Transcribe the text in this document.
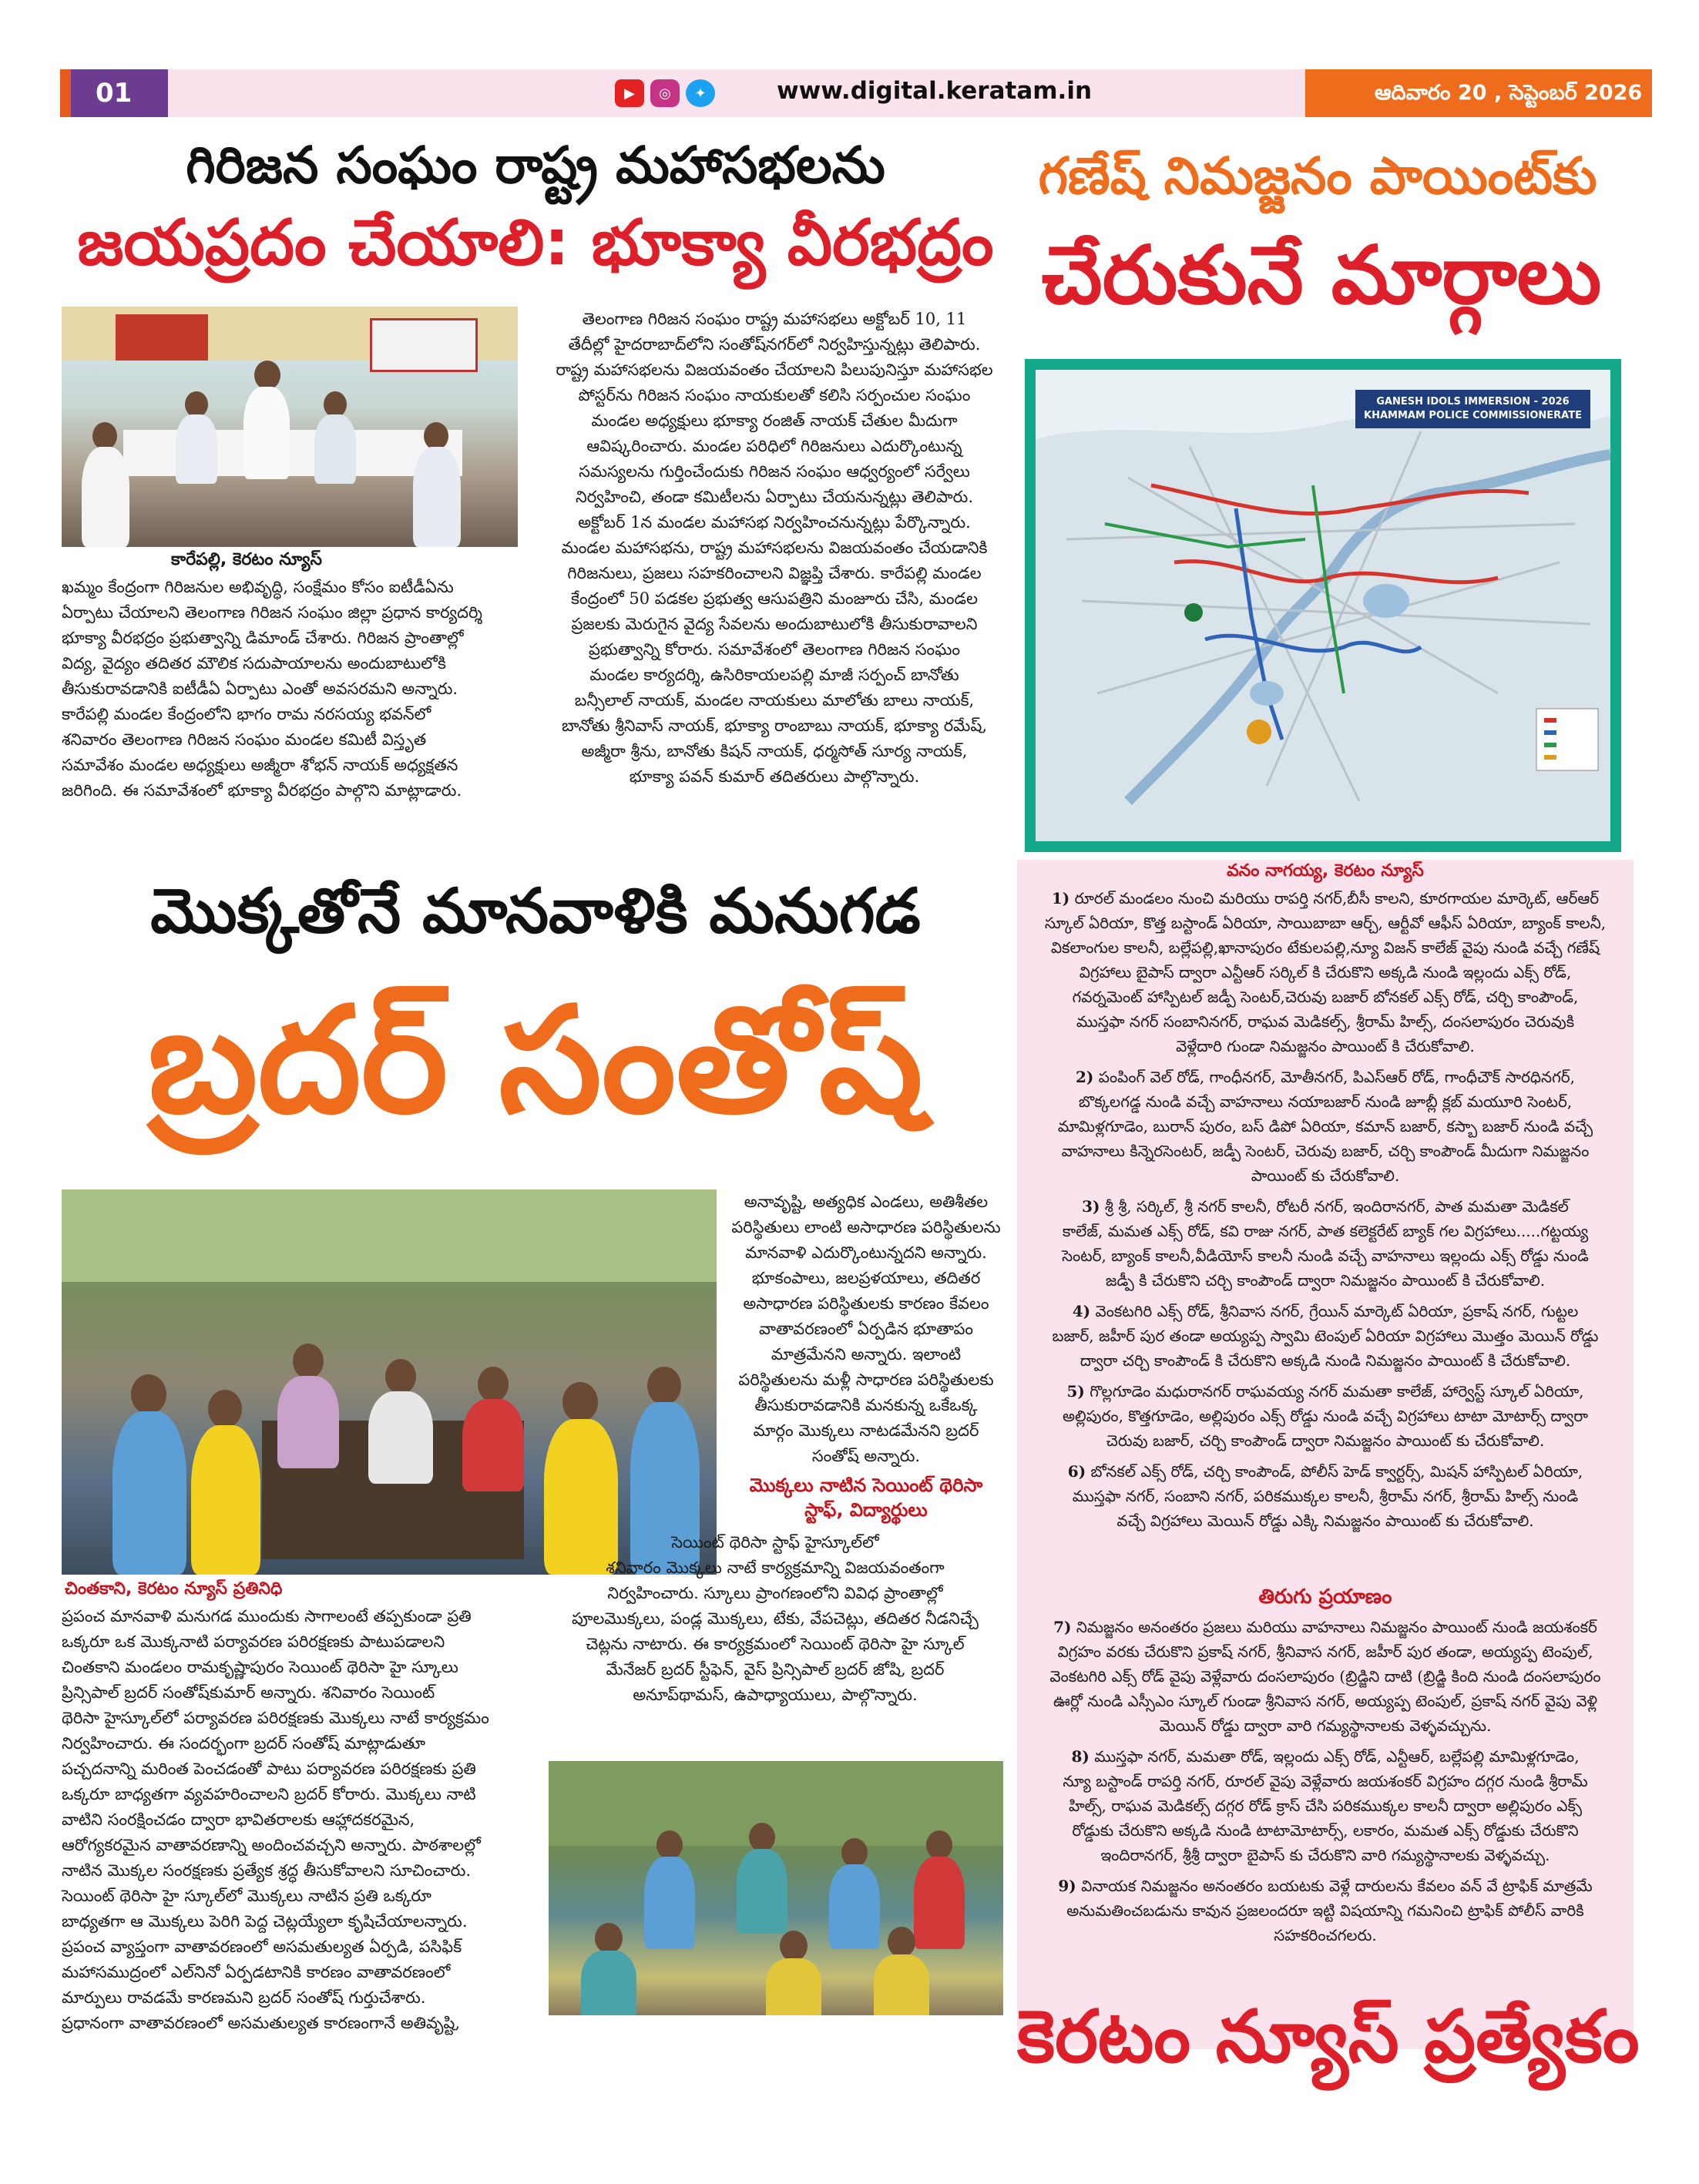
01	▶	◎	✦	www.digital.keratam.in	ఆదివారం 20 , సెప్టెంబర్ 2026
గిరిజన సంఘం రాష్ట్ర మహాసభలను
జయప్రదం చేయాలి: భూక్యా వీరభద్రం
కారేపల్లి, కెరటం న్యూస్
ఖమ్మం కేంద్రంగా గిరిజనుల అభివృద్ధి, సంక్షేమం కోసం ఐటీడీఏను
ఏర్పాటు చేయాలని తెలంగాణ గిరిజన సంఘం జిల్లా ప్రధాన కార్యదర్శి
భూక్యా వీరభద్రం ప్రభుత్వాన్ని డిమాండ్ చేశారు. గిరిజన ప్రాంతాల్లో
విద్య, వైద్యం తదితర మౌలిక సదుపాయాలను అందుబాటులోకి
తీసుకురావడానికి ఐటీడీఏ ఏర్పాటు ఎంతో అవసరమని అన్నారు.
కారేపల్లి మండల కేంద్రంలోని భాగం రామ నరసయ్య భవన్‌లో
శనివారం తెలంగాణ గిరిజన సంఘం మండల కమిటీ విస్తృత
సమావేశం మండల అధ్యక్షులు అజ్మీరా శోభన్ నాయక్ అధ్యక్షతన
జరిగింది. ఈ సమావేశంలో భూక్యా వీరభద్రం పాల్గొని మాట్లాడారు.
తెలంగాణ గిరిజన సంఘం రాష్ట్ర మహాసభలు అక్టోబర్ 10, 11
తేదీల్లో హైదరాబాద్‌లోని సంతోష్‌నగర్‌లో నిర్వహిస్తున్నట్లు తెలిపారు.
రాష్ట్ర మహాసభలను విజయవంతం చేయాలని పిలుపునిస్తూ మహాసభల
పోస్టర్‌ను గిరిజన సంఘం నాయకులతో కలిసి సర్పంచుల సంఘం
మండల అధ్యక్షులు భూక్యా రంజిత్ నాయక్ చేతుల మీదుగా
ఆవిష్కరించారు. మండల పరిధిలో గిరిజనులు ఎదుర్కొంటున్న
సమస్యలను గుర్తించేందుకు గిరిజన సంఘం ఆధ్వర్యంలో సర్వేలు
నిర్వహించి, తండా కమిటీలను ఏర్పాటు చేయనున్నట్లు తెలిపారు.
అక్టోబర్ 1న మండల మహాసభ నిర్వహించనున్నట్లు పేర్కొన్నారు.
మండల మహాసభను, రాష్ట్ర మహాసభలను విజయవంతం చేయడానికి
గిరిజనులు, ప్రజలు సహకరించాలని విజ్ఞప్తి చేశారు. కారేపల్లి మండల
కేంద్రంలో 50 పడకల ప్రభుత్వ ఆసుపత్రిని మంజూరు చేసి, మండల
ప్రజలకు మెరుగైన వైద్య సేవలను అందుబాటులోకి తీసుకురావాలని
ప్రభుత్వాన్ని కోరారు. సమావేశంలో తెలంగాణ గిరిజన సంఘం
మండల కార్యదర్శి, ఉసిరికాయలపల్లి మాజీ సర్పంచ్ బానోతు
బన్సీలాల్ నాయక్, మండల నాయకులు మాలోతు బాలు నాయక్,
బానోతు శ్రీనివాస్ నాయక్, భూక్యా రాంబాబు నాయక్, భూక్యా రమేష్,
అజ్మీరా శ్రీను, బానోతు కిషన్ నాయక్, ధర్మసోత్ సూర్య నాయక్,
భూక్యా పవన్ కుమార్ తదితరులు పాల్గొన్నారు.
గణేష్ నిమజ్జనం పాయింట్‌కు
చేరుకునే మార్గాలు
GANESH IDOLS IMMERSION - 2026
KHAMMAM POLICE COMMISSIONERATE
వనం నాగయ్య, కెరటం న్యూస్
1) రూరల్ మండలం నుంచి మరియు రాపర్తి నగర్,బీసీ కాలని, కూరగాయల మార్కెట్, ఆర్‌ఆర్
స్కూల్ ఏరియా, కొత్త బస్టాండ్ ఏరియా, సాయిబాబా ఆర్చ్, ఆర్టీవో ఆఫీస్ ఏరియా, బ్యాంక్ కాలనీ,
వికలాంగుల కాలనీ, బల్లేపల్లి,ఖానాపురం టేకులపల్లి,న్యూ విజన్ కాలేజ్ వైపు నుండి వచ్చే గణేష్
విగ్రహాలు బైపాస్ ద్వారా ఎన్టీఆర్ సర్కిల్ కి చేరుకొని అక్కడి నుండి ఇల్లందు ఎక్స్ రోడ్,
గవర్నమెంట్ హాస్పిటల్ జడ్పీ సెంటర్,చెరువు బజార్ బోనకల్ ఎక్స్ రోడ్, చర్చి కాంపౌండ్,
ముస్తఫా నగర్ సంబానినగర్, రాఘవ మెడికల్స్, శ్రీరామ్ హిల్స్, దంసలాపురం చెరువుకి
వెళ్లేదారి గుండా నిమజ్జనం పాయింట్ కి చేరుకోవాలి.
2) పంపింగ్ వెల్ రోడ్, గాంధీనగర్, మోతీనగర్, పిఎస్‌ఆర్ రోడ్, గాంధీచౌక్ సారధినగర్,
బొక్కలగడ్డ నుండి వచ్చే వాహనాలు నయాబజార్ నుండి జూబ్లీ క్లబ్ మయూరి సెంటర్,
మామిళ్లగూడెం, బురాన్ పురం, బస్ డిపో ఏరియా, కమాన్ బజార్, కస్బా బజార్ నుండి వచ్చే
వాహనాలు కిన్నెరసెంటర్, జడ్పీ సెంటర్, చెరువు బజార్, చర్చి కాంపౌండ్ మీదుగా నిమజ్జనం
పాయింట్ కు చేరుకోవాలి.
3) శ్రీ శ్రీ, సర్కిల్, శ్రీ నగర్ కాలనీ, రోటరీ నగర్, ఇందిరానగర్, పాత మమతా మెడికల్
కాలేజ్, మమత ఎక్స్ రోడ్, కవి రాజు నగర్, పాత కలెక్టరేట్ బ్యాక్ గల విగ్రహాలు.....గట్టయ్య
సెంటర్, బ్యాంక్ కాలనీ,వీడియోస్ కాలనీ నుండి వచ్చే వాహనాలు ఇల్లందు ఎక్స్ రోడ్డు నుండి
జడ్పీ కి చేరుకొని చర్చి కాంపౌండ్ ద్వారా నిమజ్జనం పాయింట్ కి చేరుకోవాలి.
4) వెంకటగిరి ఎక్స్ రోడ్, శ్రీనివాస నగర్, గ్రేయిన్ మార్కెట్ ఏరియా, ప్రకాష్ నగర్, గుట్టల
బజార్, జహీర్ పుర తండా అయ్యప్ప స్వామి టెంపుల్ ఏరియా విగ్రహాలు మొత్తం మెయిన్ రోడ్డు
ద్వారా చర్చి కాంపౌండ్ కి చేరుకొని అక్కడి నుండి నిమజ్జనం పాయింట్ కి చేరుకోవాలి.
5) గొల్లగూడెం మధురానగర్ రాఘవయ్య నగర్ మమతా కాలేజ్, హార్వెస్ట్ స్కూల్ ఏరియా,
అల్లిపురం, కొత్తగూడెం, అల్లిపురం ఎక్స్ రోడ్డు నుండి వచ్చే విగ్రహాలు టాటా మోటార్స్ ద్వారా
చెరువు బజార్, చర్చి కాంపౌండ్ ద్వారా నిమజ్జనం పాయింట్ కు చేరుకోవాలి.
6) బోనకల్ ఎక్స్ రోడ్, చర్చి కాంపౌండ్, పోలీస్ హెడ్ క్వార్టర్స్, మిషన్ హాస్పిటల్ ఏరియా,
ముస్తఫా నగర్, సంబాని నగర్, పరికముక్కల కాలనీ, శ్రీరామ్ నగర్, శ్రీరామ్ హిల్స్ నుండి
వచ్చే విగ్రహాలు మెయిన్ రోడ్డు ఎక్కి నిమజ్జనం పాయింట్ కు చేరుకోవాలి.
తిరుగు ప్రయాణం
7) నిమజ్జనం అనంతరం ప్రజలు మరియు వాహనాలు నిమజ్జనం పాయింట్ నుండి జయశంకర్
విగ్రహం వరకు చేరుకొని ప్రకాష్ నగర్, శ్రీనివాస నగర్, జహీర్ పుర తండా, అయ్యప్ప టెంపుల్,
వెంకటగిరి ఎక్స్ రోడ్ వైపు వెళ్లేవారు దంసలాపురం (బ్రిడ్జిని దాటి (బ్రిడ్జి కింది నుండి దంసలాపురం
ఊర్లో నుండి ఎస్సీఎం స్కూల్ గుండా శ్రీనివాస నగర్, అయ్యప్ప టెంపుల్, ప్రకాష్ నగర్ వైపు వెళ్లి
మెయిన్ రోడ్డు ద్వారా వారి గమ్యస్థానాలకు వెళ్ళవచ్చును.
8) ముస్తఫా నగర్, మమతా రోడ్, ఇల్లందు ఎక్స్ రోడ్, ఎన్టీఆర్, బల్లేపల్లి మామిళ్లగూడెం,
న్యూ బస్టాండ్ రాపర్తి నగర్, రూరల్ వైపు వెళ్లేవారు జయశంకర్ విగ్రహం దగ్గర నుండి శ్రీరామ్
హిల్స్, రాఘవ మెడికల్స్ దగ్గర రోడ్ క్రాస్ చేసి పరికముక్కల కాలనీ ద్వారా అల్లిపురం ఎక్స్
రోడ్డుకు చేరుకొని అక్కడి నుండి టాటామోటార్స్, లకారం, మమత ఎక్స్ రోడ్డుకు చేరుకొని
ఇందిరానగర్, శ్రీశ్రీ ద్వారా బైపాస్ కు చేరుకొని వారి గమ్యస్థానాలకు వెళ్ళవచ్చు.
9) వినాయక నిమజ్జనం అనంతరం బయటకు వెళ్లే దారులను కేవలం వన్ వే ట్రాఫిక్ మాత్రమే
అనుమతించబడును కావున ప్రజలందరూ ఇట్టి విషయాన్ని గమనించి ట్రాఫిక్ పోలీస్ వారికి
సహకరించగలరు.
కెరటం న్యూస్ ప్రత్యేకం
మొక్కతోనే మానవాళికి మనుగడ
బ్రదర్ సంతోష్
చింతకాని, కెరటం న్యూస్ ప్రతినిధి
అనావృష్టి, అత్యధిక ఎండలు, అతిశీతల
పరిస్థితులు లాంటి అసాధారణ పరిస్థితులను
మానవాళి ఎదుర్కొంటున్నదని అన్నారు.
భూకంపాలు, జలప్రళయాలు, తదితర
అసాధారణ పరిస్థితులకు కారణం కేవలం
వాతావరణంలో ఏర్పడిన భూతాపం
మాత్రమేనని అన్నారు. ఇలాంటి
పరిస్థితులను మళ్లీ సాధారణ పరిస్థితులకు
తీసుకురావడానికి మనకున్న ఒకేఒక్క
మార్గం మొక్కలు నాటడమేనని బ్రదర్
సంతోష్ అన్నారు.
మొక్కలు నాటిన సెయింట్ థెరిసా
స్టాఫ్, విద్యార్థులు
సెయింట్ థెరిసా స్టాఫ్ హైస్కూల్‌లో
శనివారం మొక్కలు నాటే కార్యక్రమాన్ని విజయవంతంగా
నిర్వహించారు. స్కూలు ప్రాంగణంలోని వివిధ ప్రాంతాల్లో
పూలమొక్కలు, పండ్ల మొక్కలు, టేకు, వేపచెట్లు, తదితర నీడనిచ్చే
చెట్లను నాటారు. ఈ కార్యక్రమంలో సెయింట్ థెరిసా హై స్కూల్
మేనేజర్ బ్రదర్ స్టీఫెన్, వైస్ ప్రిన్సిపాల్ బ్రదర్ జోషి, బ్రదర్
అనూప్‌థామస్, ఉపాధ్యాయులు, పాల్గొన్నారు.
ప్రపంచ మానవాళి మనుగడ ముందుకు సాగాలంటే తప్పకుండా ప్రతి
ఒక్కరూ ఒక మొక్కనాటి పర్యావరణ పరిరక్షణకు పాటుపడాలని
చింతకాని మండలం రామకృష్ణాపురం సెయింట్ థెరిసా హై స్కూలు
ప్రిన్సిపాల్ బ్రదర్ సంతోష్‌కుమార్ అన్నారు. శనివారం సెయింట్
థెరిసా హైస్కూల్‌లో పర్యావరణ పరిరక్షణకు మొక్కలు నాటే కార్యక్రమం
నిర్వహించారు. ఈ సందర్భంగా బ్రదర్ సంతోష్ మాట్లాడుతూ
పచ్చదనాన్ని మరింత పెంచడంతో పాటు పర్యావరణ పరిరక్షణకు ప్రతి
ఒక్కరూ బాధ్యతగా వ్యవహరించాలని బ్రదర్ కోరారు. మొక్కలు నాటి
వాటిని సంరక్షించడం ద్వారా భావితరాలకు ఆహ్లాదకరమైన,
ఆరోగ్యకరమైన వాతావరణాన్ని అందించవచ్చని అన్నారు. పాఠశాలల్లో
నాటిన మొక్కల సంరక్షణకు ప్రత్యేక శ్రద్ధ తీసుకోవాలని సూచించారు.
సెయింట్ థెరిసా హై స్కూల్‌లో మొక్కలు నాటిన ప్రతి ఒక్కరూ
బాధ్యతగా ఆ మొక్కలు పెరిగి పెద్ద చెట్లయ్యేలా కృషిచేయాలన్నారు.
ప్రపంచ వ్యాప్తంగా వాతావరణంలో అసమతుల్యత ఏర్పడి, పసిఫిక్
మహాసముద్రంలో ఎల్‌నినో ఏర్పడటానికి కారణం వాతావరణంలో
మార్పులు రావడమే కారణమని బ్రదర్ సంతోష్ గుర్తుచేశారు.
ప్రధానంగా వాతావరణంలో అసమతుల్యత కారణంగానే అతివృష్టి,
